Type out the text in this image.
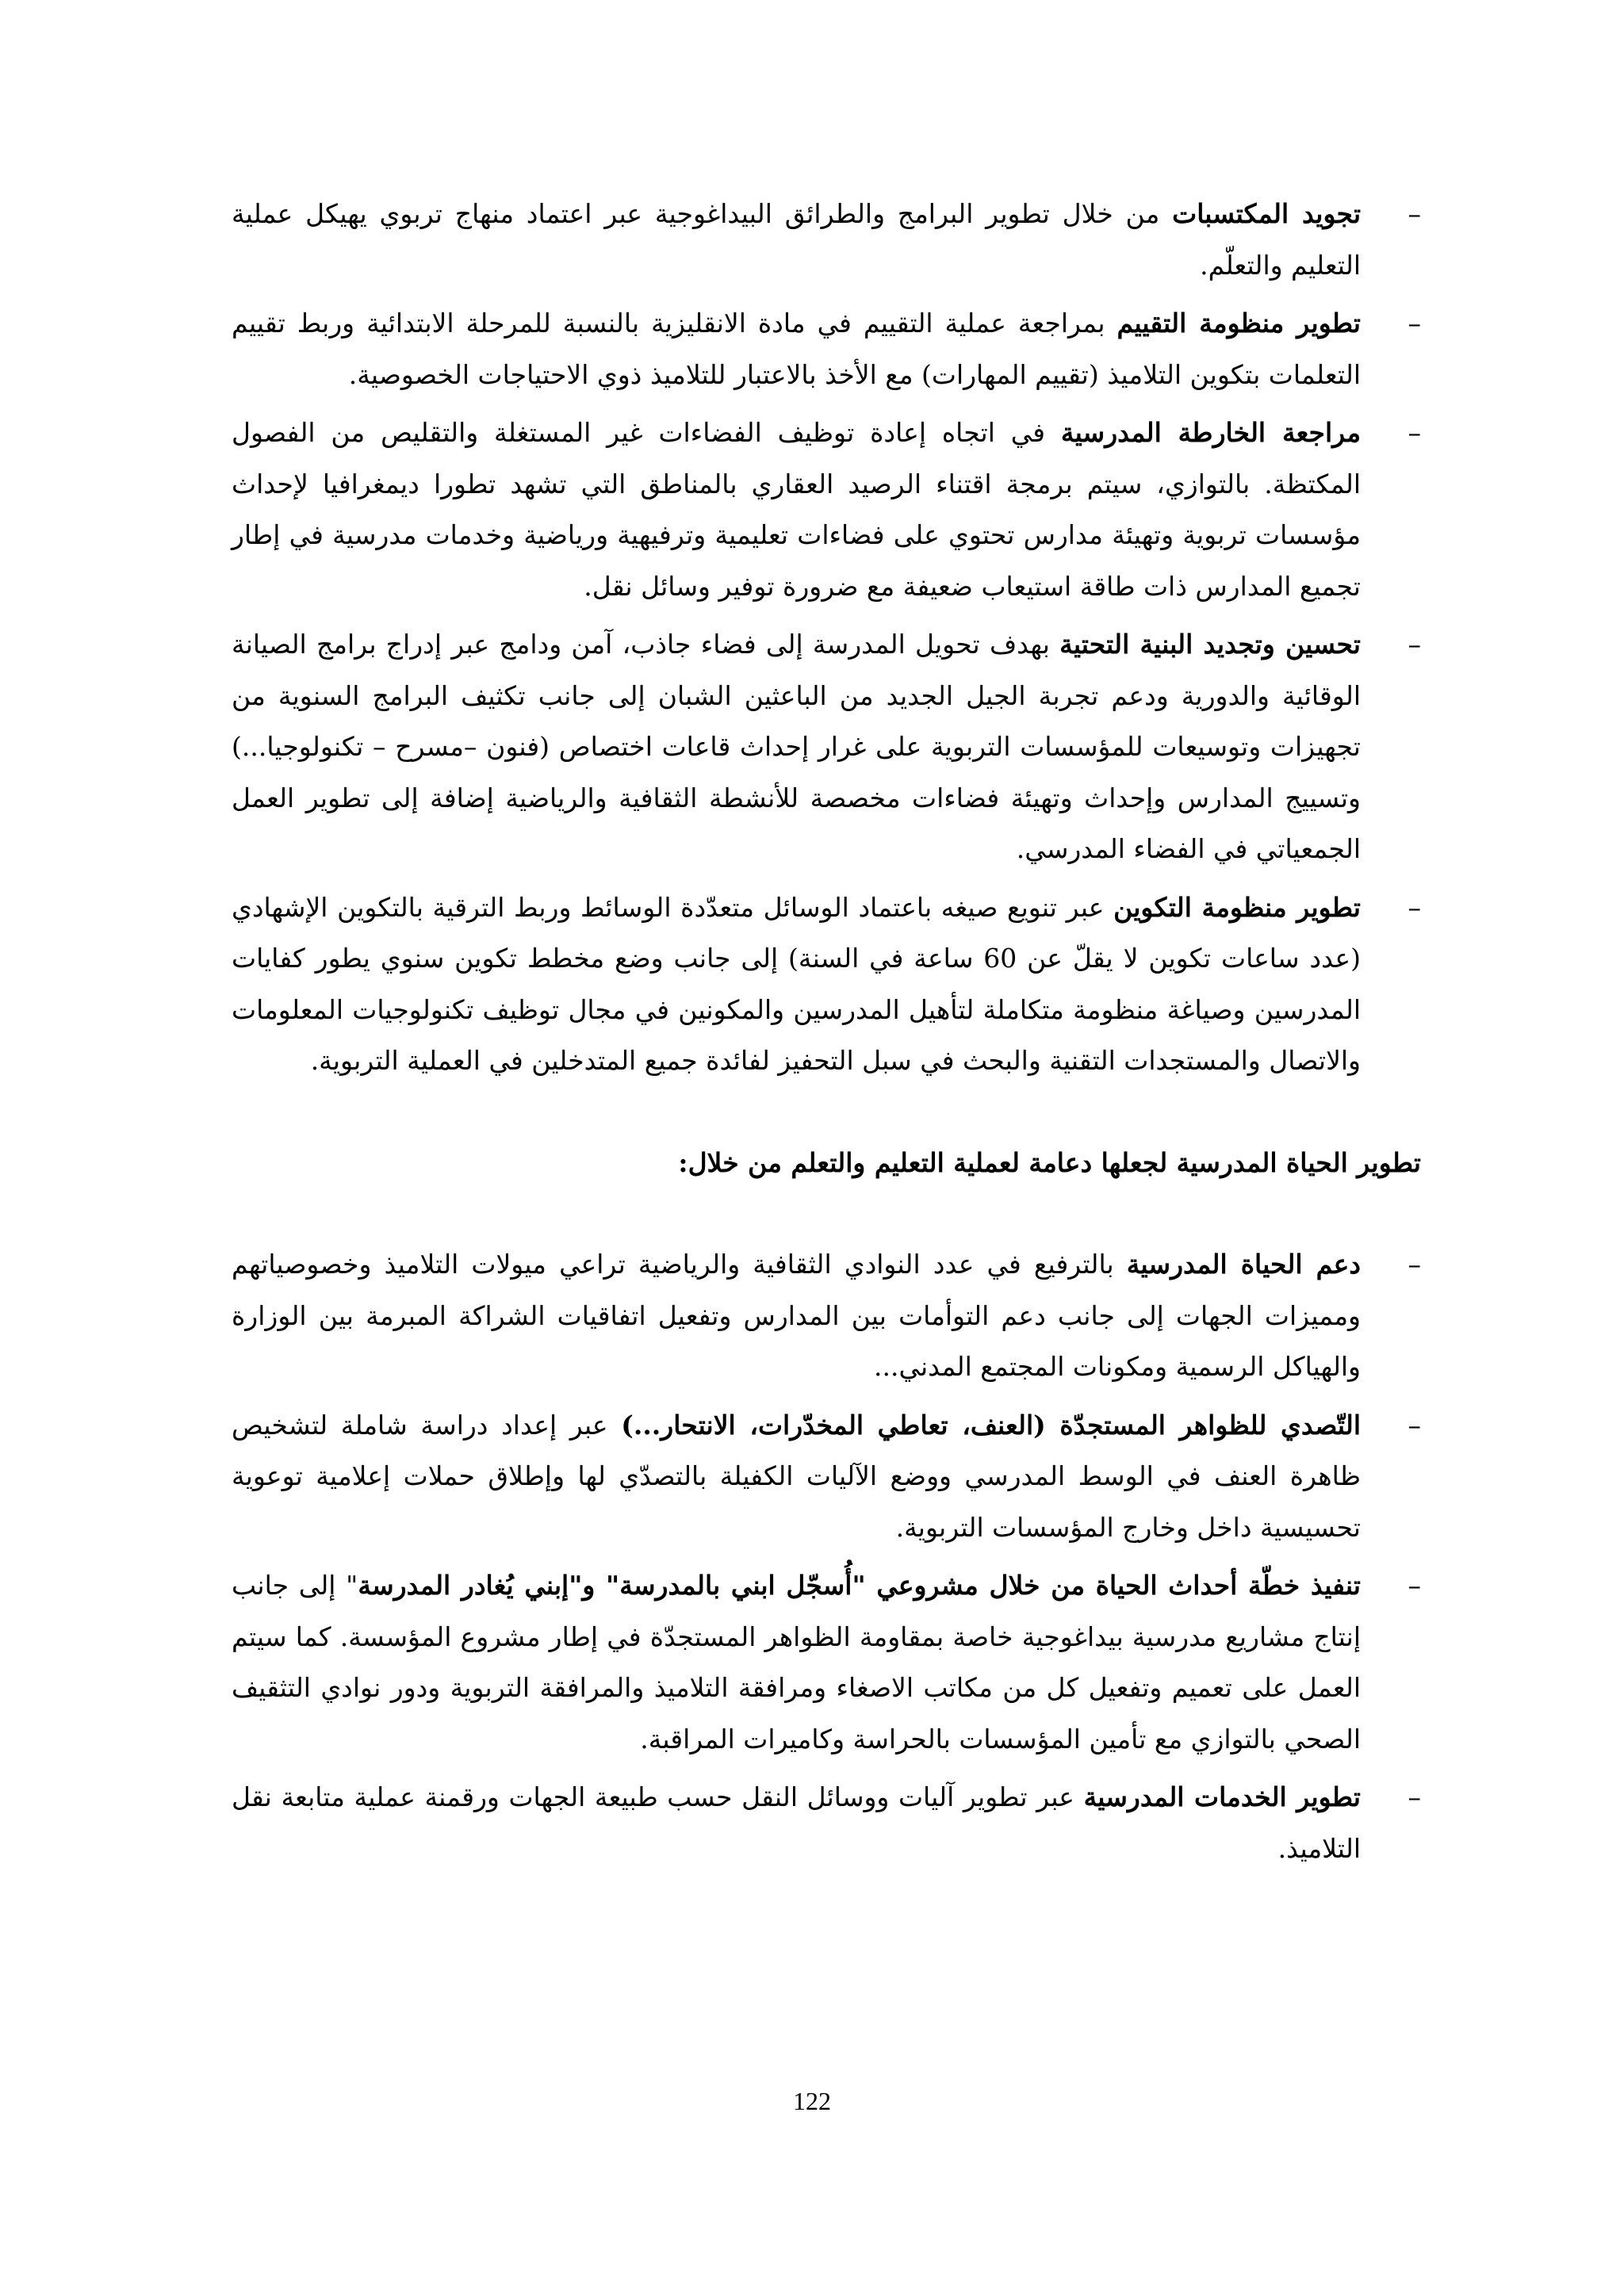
–
تجويد المكتسبات من خلال تطوير البرامج والطرائق البيداغوجية عبر اعتماد منهاج تربوي يهيكل عملية التعليم والتعلّم.

–
تطوير منظومة التقييم بمراجعة عملية التقييم في مادة الانقليزية بالنسبة للمرحلة الابتدائية وربط تقييم التعلمات بتكوين التلاميذ (تقييم المهارات) مع الأخذ بالاعتبار للتلاميذ ذوي الاحتياجات الخصوصية.

–
مراجعة الخارطة المدرسية في اتجاه إعادة توظيف الفضاءات غير المستغلة والتقليص من الفصول المكتظة. بالتوازي، سيتم برمجة اقتناء الرصيد العقاري بالمناطق التي تشهد تطورا ديمغرافيا لإحداث مؤسسات تربوية وتهيئة مدارس تحتوي على فضاءات تعليمية وترفيهية ورياضية وخدمات مدرسية في إطار تجميع المدارس ذات طاقة استيعاب ضعيفة مع ضرورة توفير وسائل نقل.

–
تحسين وتجديد البنية التحتية بهدف تحويل المدرسة إلى فضاء جاذب، آمن ودامج عبر إدراج برامج الصيانة الوقائية والدورية ودعم تجربة الجيل الجديد من الباعثين الشبان إلى جانب تكثيف البرامج السنوية من تجهيزات وتوسيعات للمؤسسات التربوية على غرار إحداث قاعات اختصاص (فنون –مسرح – تكنولوجيا...) وتسييج المدارس وإحداث وتهيئة فضاءات مخصصة للأنشطة الثقافية والرياضية إضافة إلى تطوير العمل الجمعياتي في الفضاء المدرسي.

–
تطوير منظومة التكوين عبر تنويع صيغه باعتماد الوسائل متعدّدة الوسائط وربط الترقية بالتكوين الإشهادي (عدد ساعات تكوين لا يقلّ عن 60 ساعة في السنة) إلى جانب وضع مخطط تكوين سنوي يطور كفايات المدرسين وصياغة منظومة متكاملة لتأهيل المدرسين والمكونين في مجال توظيف تكنولوجيات المعلومات والاتصال والمستجدات التقنية والبحث في سبل التحفيز لفائدة جميع المتدخلين في العملية التربوية.

تطوير الحياة المدرسية لجعلها دعامة لعملية التعليم والتعلم من خلال:

–
دعم الحياة المدرسية بالترفيع في عدد النوادي الثقافية والرياضية تراعي ميولات التلاميذ وخصوصياتهم ومميزات الجهات إلى جانب دعم التوأمات بين المدارس وتفعيل اتفاقيات الشراكة المبرمة بين الوزارة والهياكل الرسمية ومكونات المجتمع المدني...

–
التّصدي للظواهر المستجدّة (العنف، تعاطي المخدّرات، الانتحار...) عبر إعداد دراسة شاملة لتشخيص ظاهرة العنف في الوسط المدرسي ووضع الآليات الكفيلة بالتصدّي لها وإطلاق حملات إعلامية توعوية تحسيسية داخل وخارج المؤسسات التربوية.

–
تنفيذ خطّة أحداث الحياة من خلال مشروعي "أُسجّل ابني بالمدرسة" و"إبني يُغادر المدرسة" إلى جانب إنتاج مشاريع مدرسية بيداغوجية خاصة بمقاومة الظواهر المستجدّة في إطار مشروع المؤسسة. كما سيتم العمل على تعميم وتفعيل كل من مكاتب الاصغاء ومرافقة التلاميذ والمرافقة التربوية ودور نوادي التثقيف الصحي بالتوازي مع تأمين المؤسسات بالحراسة وكاميرات المراقبة.

–
تطوير الخدمات المدرسية عبر تطوير آليات ووسائل النقل حسب طبيعة الجهات ورقمنة عملية متابعة نقل التلاميذ.

122
